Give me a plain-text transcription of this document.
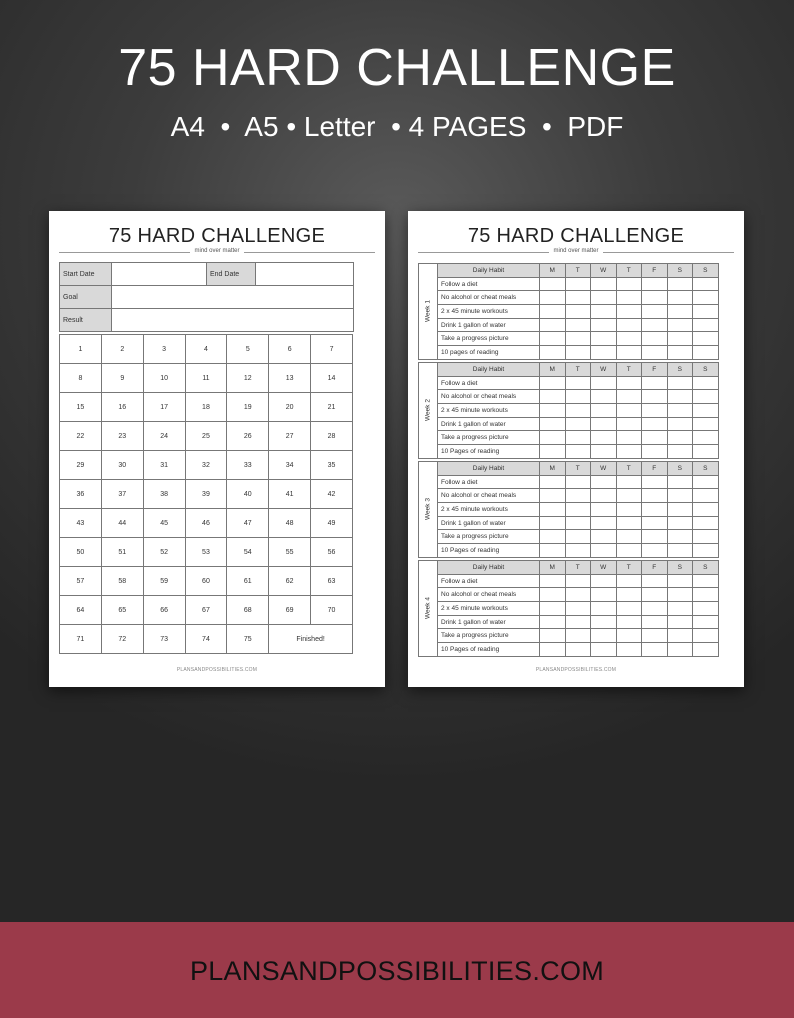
75 HARD CHALLENGE
A4  •  A5 • Letter  • 4 PAGES  •  PDF
75 HARD CHALLENGE
mind over matter
Start Date		End Date	
Goal			
Result			
1	2	3	4	5	6	7
8	9	10	11	12	13	14
15	16	17	18	19	20	21
22	23	24	25	26	27	28
29	30	31	32	33	34	35
36	37	38	39	40	41	42
43	44	45	46	47	48	49
50	51	52	53	54	55	56
57	58	59	60	61	62	63
64	65	66	67	68	69	70
71	72	73	74	75	Finished!	
PLANSANDPOSSIBILITIES.COM
75 HARD CHALLENGE
mind over matter
Week 1	Daily Habit	M	T	W	T	F	S	S
	Follow a diet							
	No alcohol or cheat meals							
	2 x 45 minute workouts							
	Drink 1 gallon of water							
	Take a progress picture							
	10 pages of reading							
Week 2	Daily Habit	M	T	W	T	F	S	S
	Follow a diet							
	No alcohol or cheat meals							
	2 x 45 minute workouts							
	Drink 1 gallon of water							
	Take a progress picture							
	10 Pages of reading							
Week 3	Daily Habit	M	T	W	T	F	S	S
	Follow a diet							
	No alcohol or cheat meals							
	2 x 45 minute workouts							
	Drink 1 gallon of water							
	Take a progress picture							
	10 Pages of reading							
Week 4	Daily Habit	M	T	W	T	F	S	S
	Follow a diet							
	No alcohol or cheat meals							
	2 x 45 minute workouts							
	Drink 1 gallon of water							
	Take a progress picture							
	10 Pages of reading							
PLANSANDPOSSIBILITIES.COM
PLANSANDPOSSIBILITIES.COM
